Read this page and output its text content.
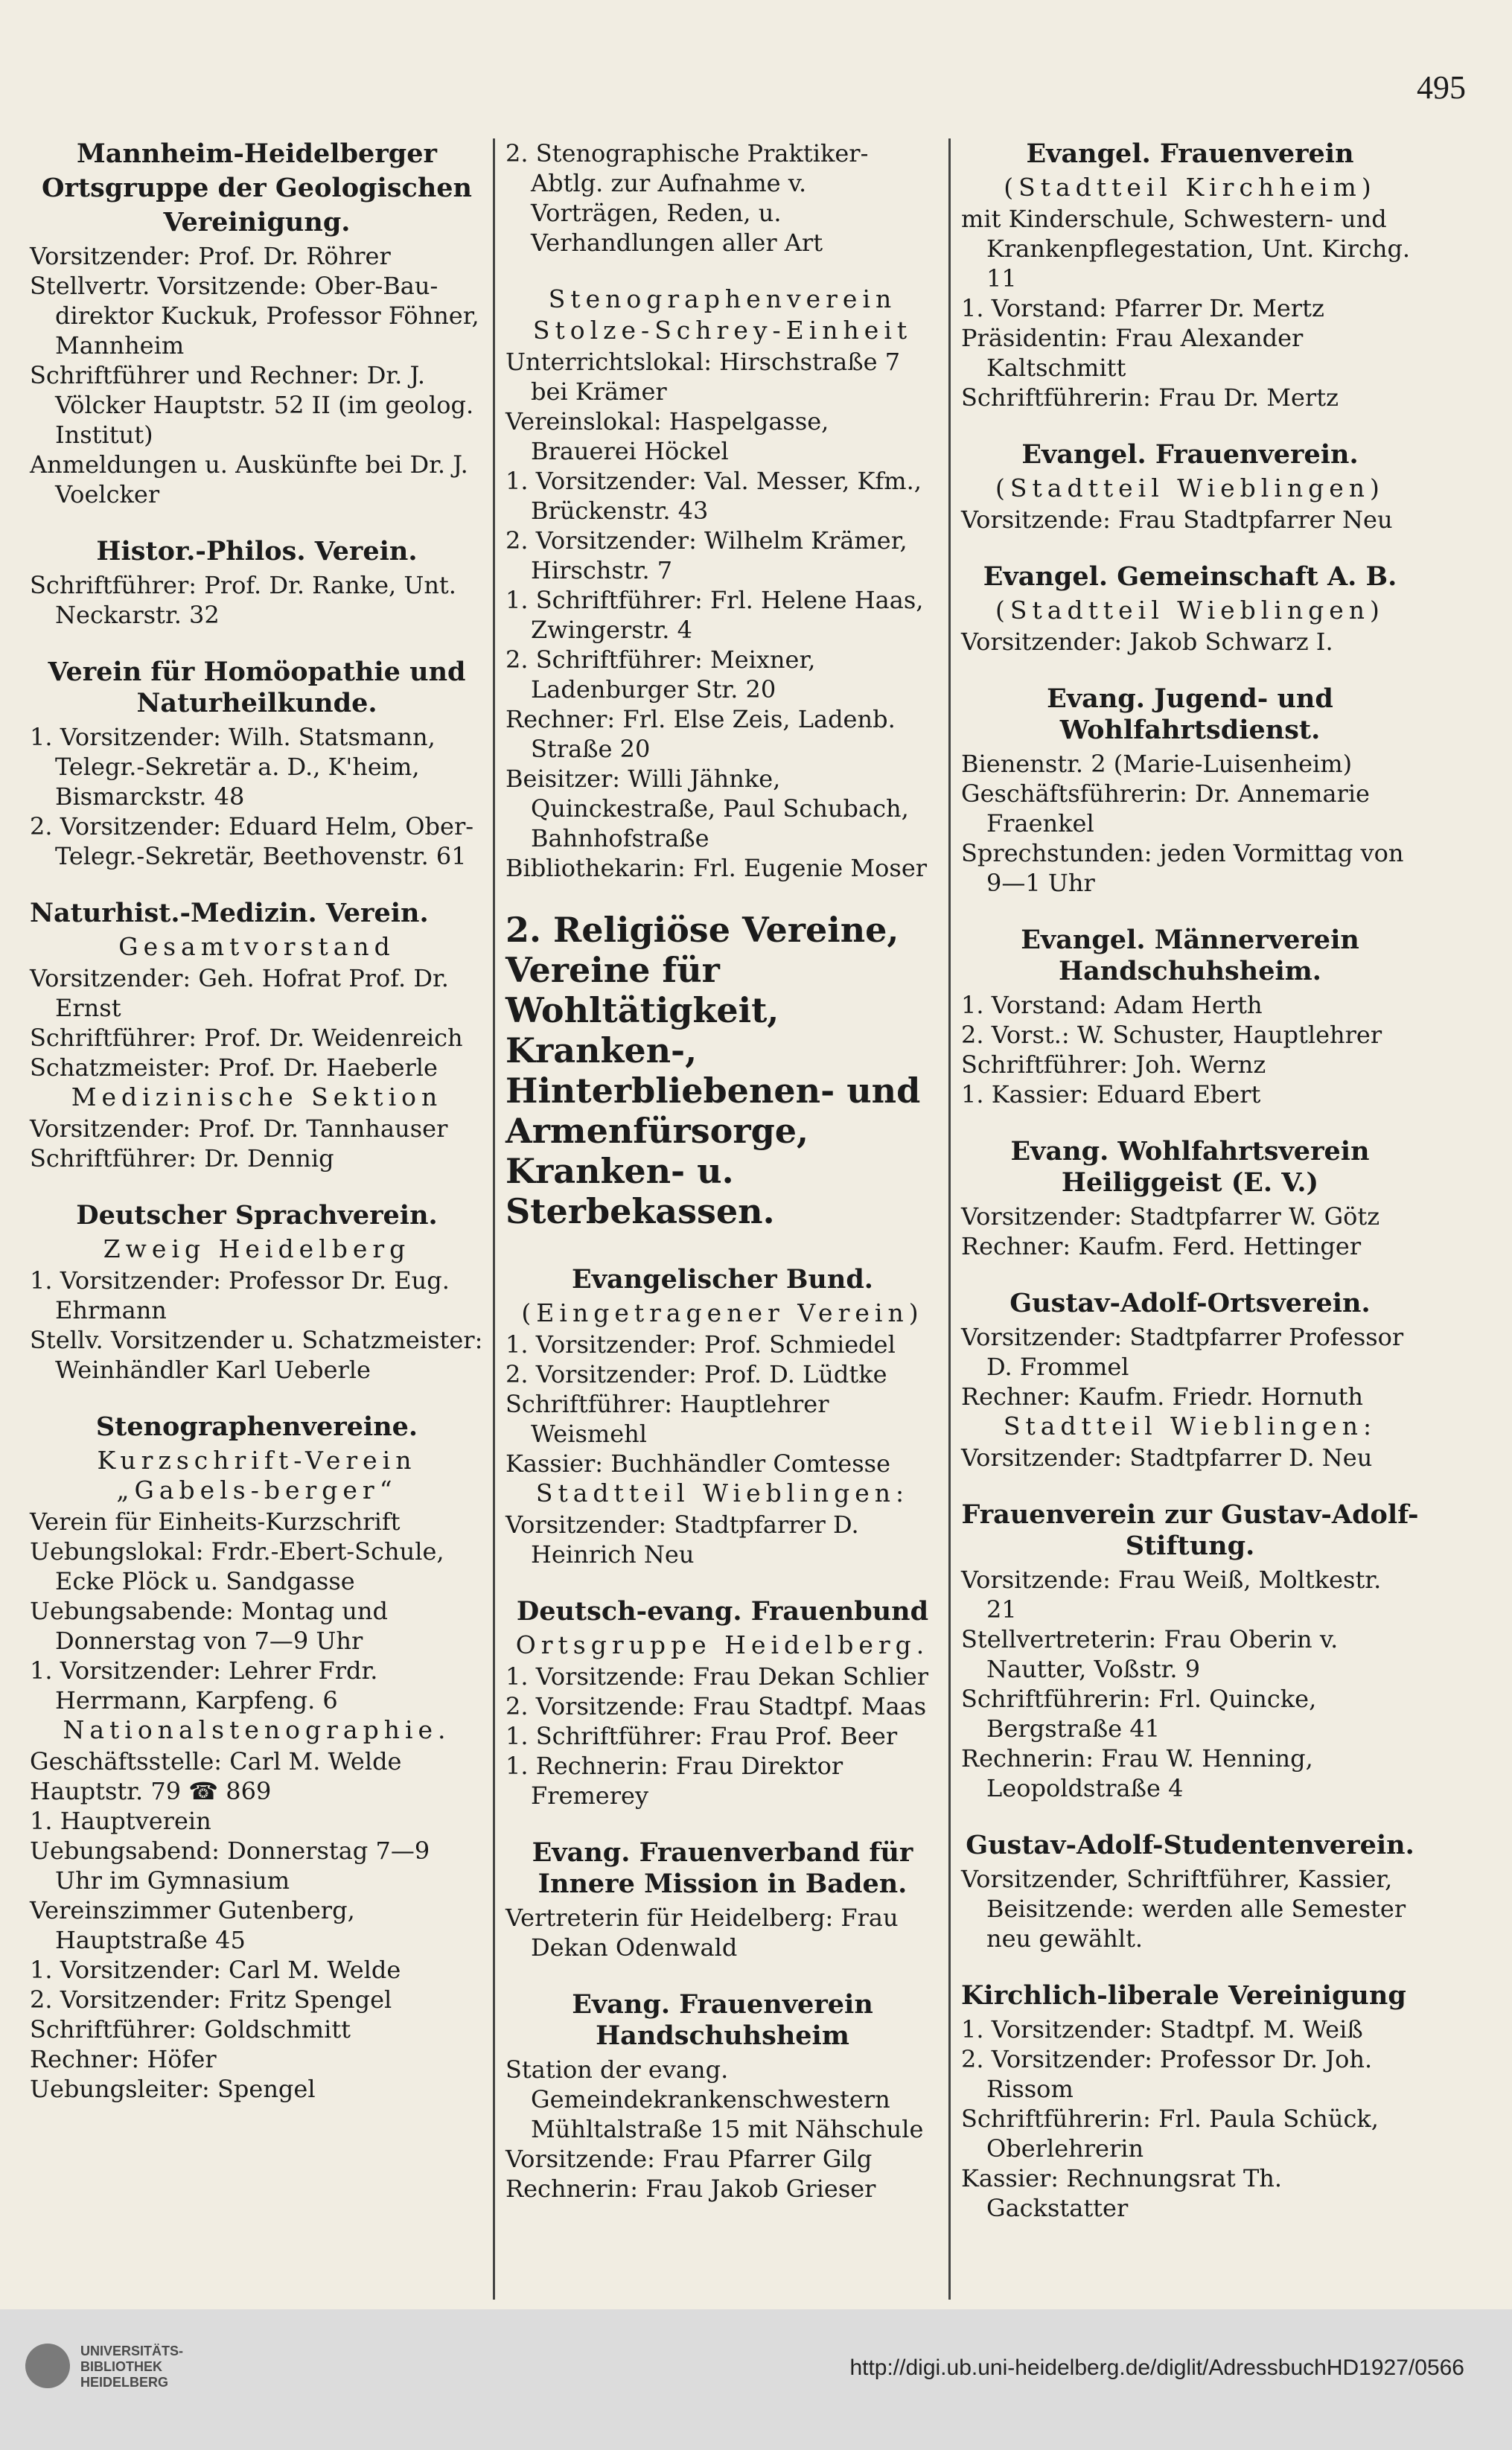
495
Mannheim-Heidelberger
Ortsgruppe der Geologischen
Vereinigung.
Vorsitzender: Prof. Dr. Röhrer
Stellvertr. Vorsitzende: Ober-Bau-direktor Kuckuk, Professor Föhner, Mannheim
Schriftführer und Rechner: Dr. J. Völcker Hauptstr. 52 II (im geolog. Institut)
Anmeldungen u. Auskünfte bei Dr. J. Voelcker
Histor.-Philos. Verein.
Schriftführer: Prof. Dr. Ranke, Unt. Neckarstr. 32
Verein für Homöopathie und Naturheilkunde.
1. Vorsitzender: Wilh. Statsmann, Telegr.-Sekretär a. D., K'heim, Bismarckstr. 48
2. Vorsitzender: Eduard Helm, Ober-Telegr.-Sekretär, Beethovenstr. 61
Naturhist.-Medizin. Verein.
Gesamtvorstand
Vorsitzender: Geh. Hofrat Prof. Dr. Ernst
Schriftführer: Prof. Dr. Weidenreich
Schatzmeister: Prof. Dr. Haeberle
Medizinische Sektion
Vorsitzender: Prof. Dr. Tannhauser
Schriftführer: Dr. Dennig
Deutscher Sprachverein.
Zweig Heidelberg
1. Vorsitzender: Professor Dr. Eug. Ehrmann
Stellv. Vorsitzender u. Schatzmeister: Weinhändler Karl Ueberle
Stenographenvereine.
Kurzschrift-Verein „Gabels-berger“
Verein für Einheits-Kurzschrift
Uebungslokal: Frdr.-Ebert-Schule, Ecke Plöck u. Sandgasse
Uebungsabende: Montag und Donnerstag von 7—9 Uhr
1. Vorsitzender: Lehrer Frdr. Herrmann, Karpfeng. 6
Nationalstenographie.
Geschäftsstelle: Carl M. Welde
Hauptstr. 79 ☎ 869
1. Hauptverein
Uebungsabend: Donnerstag 7—9 Uhr im Gymnasium
Vereinszimmer Gutenberg, Hauptstraße 45
1. Vorsitzender: Carl M. Welde
2. Vorsitzender: Fritz Spengel
Schriftführer: Goldschmitt
Rechner: Höfer
Uebungsleiter: Spengel
2. Stenographische Praktiker-Abtlg. zur Aufnahme v. Vorträgen, Reden, u. Verhandlungen aller Art
Stenographenverein
Stolze-Schrey-Einheit
Unterrichtslokal: Hirschstraße 7 bei Krämer
Vereinslokal: Haspelgasse, Brauerei Höckel
1. Vorsitzender: Val. Messer, Kfm., Brückenstr. 43
2. Vorsitzender: Wilhelm Krämer, Hirschstr. 7
1. Schriftführer: Frl. Helene Haas, Zwingerstr. 4
2. Schriftführer: Meixner, Ladenburger Str. 20
Rechner: Frl. Else Zeis, Ladenb. Straße 20
Beisitzer: Willi Jähnke, Quinckestraße, Paul Schubach, Bahnhofstraße
Bibliothekarin: Frl. Eugenie Moser
2. Religiöse Vereine, Vereine für Wohltätigkeit, Kranken-, Hinterbliebenen- und Armenfürsorge, Kranken- u. Sterbekassen.
Evangelischer Bund.
(Eingetragener Verein)
1. Vorsitzender: Prof. Schmiedel
2. Vorsitzender: Prof. D. Lüdtke
Schriftführer: Hauptlehrer Weismehl
Kassier: Buchhändler Comtesse
Stadtteil Wieblingen:
Vorsitzender: Stadtpfarrer D. Heinrich Neu
Deutsch-evang. Frauenbund
Ortsgruppe Heidelberg.
1. Vorsitzende: Frau Dekan Schlier
2. Vorsitzende: Frau Stadtpf. Maas
1. Schriftführer: Frau Prof. Beer
1. Rechnerin: Frau Direktor Fremerey
Evang. Frauenverband für Innere Mission in Baden.
Vertreterin für Heidelberg: Frau Dekan Odenwald
Evang. Frauenverein Handschuhsheim
Station der evang. Gemeindekrankenschwestern Mühltalstraße 15 mit Nähschule
Vorsitzende: Frau Pfarrer Gilg
Rechnerin: Frau Jakob Grieser
Evangel. Frauenverein
(Stadtteil Kirchheim)
mit Kinderschule, Schwestern- und Krankenpflegestation, Unt. Kirchg. 11
1. Vorstand: Pfarrer Dr. Mertz
Präsidentin: Frau Alexander Kaltschmitt
Schriftführerin: Frau Dr. Mertz
Evangel. Frauenverein.
(Stadtteil Wieblingen)
Vorsitzende: Frau Stadtpfarrer Neu
Evangel. Gemeinschaft A. B.
(Stadtteil Wieblingen)
Vorsitzender: Jakob Schwarz I.
Evang. Jugend- und Wohlfahrtsdienst.
Bienenstr. 2 (Marie-Luisenheim)
Geschäftsführerin: Dr. Annemarie Fraenkel
Sprechstunden: jeden Vormittag von 9—1 Uhr
Evangel. Männerverein Handschuhsheim.
1. Vorstand: Adam Herth
2. Vorst.: W. Schuster, Hauptlehrer
Schriftführer: Joh. Wernz
1. Kassier: Eduard Ebert
Evang. Wohlfahrtsverein Heiliggeist (E. V.)
Vorsitzender: Stadtpfarrer W. Götz
Rechner: Kaufm. Ferd. Hettinger
Gustav-Adolf-Ortsverein.
Vorsitzender: Stadtpfarrer Professor D. Frommel
Rechner: Kaufm. Friedr. Hornuth
Stadtteil Wieblingen:
Vorsitzender: Stadtpfarrer D. Neu
Frauenverein zur Gustav-Adolf-Stiftung.
Vorsitzende: Frau Weiß, Moltkestr. 21
Stellvertreterin: Frau Oberin v. Nautter, Voßstr. 9
Schriftführerin: Frl. Quincke, Bergstraße 41
Rechnerin: Frau W. Henning, Leopoldstraße 4
Gustav-Adolf-Studentenverein.
Vorsitzender, Schriftführer, Kassier, Beisitzende: werden alle Semester neu gewählt.
Kirchlich-liberale Vereinigung
1. Vorsitzender: Stadtpf. M. Weiß
2. Vorsitzender: Professor Dr. Joh. Rissom
Schriftführerin: Frl. Paula Schück, Oberlehrerin
Kassier: Rechnungsrat Th. Gackstatter
UNIVERSITÄTS-
BIBLIOTHEK
HEIDELBERG
http://digi.ub.uni-heidelberg.de/diglit/AdressbuchHD1927/0566
